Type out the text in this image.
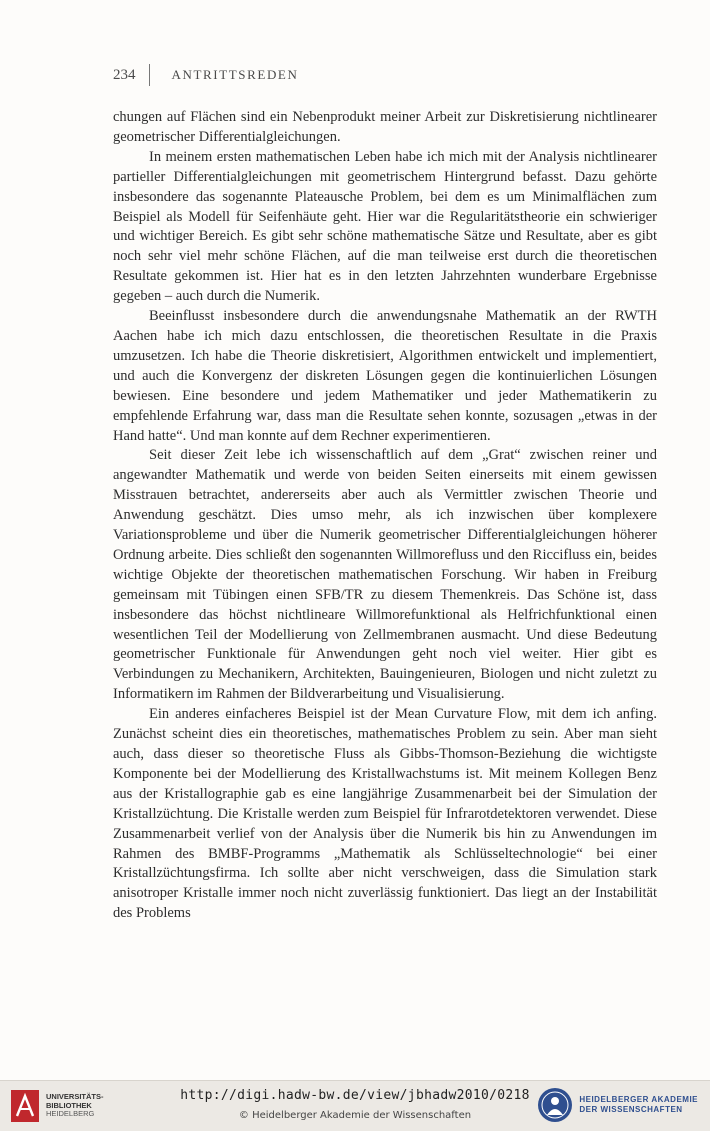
234	ANTRITTSREDEN

chungen auf Flächen sind ein Nebenprodukt meiner Arbeit zur Diskretisierung nichtlinearer geometrischer Differentialgleichungen.

In meinem ersten mathematischen Leben habe ich mich mit der Analysis nichtlinearer partieller Differentialgleichungen mit geometrischem Hintergrund befasst. Dazu gehörte insbesondere das sogenannte Plateausche Problem, bei dem es um Minimalflächen zum Beispiel als Modell für Seifenhäute geht. Hier war die Regularitätstheorie ein schwieriger und wichtiger Bereich. Es gibt sehr schöne mathematische Sätze und Resultate, aber es gibt noch sehr viel mehr schöne Flächen, auf die man teilweise erst durch die theoretischen Resultate gekommen ist. Hier hat es in den letzten Jahrzehnten wunderbare Ergebnisse gegeben – auch durch die Numerik.

Beeinflusst insbesondere durch die anwendungsnahe Mathematik an der RWTH Aachen habe ich mich dazu entschlossen, die theoretischen Resultate in die Praxis umzusetzen. Ich habe die Theorie diskretisiert, Algorithmen entwickelt und implementiert, und auch die Konvergenz der diskreten Lösungen gegen die kontinuierlichen Lösungen bewiesen. Eine besondere und jedem Mathematiker und jeder Mathematikerin zu empfehlende Erfahrung war, dass man die Resultate sehen konnte, sozusagen „etwas in der Hand hatte“. Und man konnte auf dem Rechner experimentieren.

Seit dieser Zeit lebe ich wissenschaftlich auf dem „Grat“ zwischen reiner und angewandter Mathematik und werde von beiden Seiten einerseits mit einem gewissen Misstrauen betrachtet, andererseits aber auch als Vermittler zwischen Theorie und Anwendung geschätzt. Dies umso mehr, als ich inzwischen über komplexere Variationsprobleme und über die Numerik geometrischer Differentialgleichungen höherer Ordnung arbeite. Dies schließt den sogenannten Willmorefluss und den Riccifluss ein, beides wichtige Objekte der theoretischen mathematischen Forschung. Wir haben in Freiburg gemeinsam mit Tübingen einen SFB/TR zu diesem Themenkreis. Das Schöne ist, dass insbesondere das höchst nichtlineare Willmorefunktional als Helfrichfunktional einen wesentlichen Teil der Modellierung von Zellmembranen ausmacht. Und diese Bedeutung geometrischer Funktionale für Anwendungen geht noch viel weiter. Hier gibt es Verbindungen zu Mechanikern, Architekten, Bauingenieuren, Biologen und nicht zuletzt zu Informatikern im Rahmen der Bildverarbeitung und Visualisierung.

Ein anderes einfacheres Beispiel ist der Mean Curvature Flow, mit dem ich anfing. Zunächst scheint dies ein theoretisches, mathematisches Problem zu sein. Aber man sieht auch, dass dieser so theoretische Fluss als Gibbs-Thomson-Beziehung die wichtigste Komponente bei der Modellierung des Kristallwachstums ist. Mit meinem Kollegen Benz aus der Kristallographie gab es eine langjährige Zusammenarbeit bei der Simulation der Kristallzüchtung. Die Kristalle werden zum Beispiel für Infrarotdetektoren verwendet. Diese Zusammenarbeit verlief von der Analysis über die Numerik bis hin zu Anwendungen im Rahmen des BMBF-Programms „Mathematik als Schlüsseltechnologie“ bei einer Kristallzüchtungsfirma. Ich sollte aber nicht verschweigen, dass die Simulation stark anisotroper Kristalle immer noch nicht zuverlässig funktioniert. Das liegt an der Instabilität des Problems

UNIVERSITÄTS-
BIBLIOTHEK
HEIDELBERG
http://digi.hadw-bw.de/view/jbhadw2010/0218
© Heidelberger Akademie der Wissenschaften
HEIDELBERGER AKADEMIE
DER WISSENSCHAFTEN
